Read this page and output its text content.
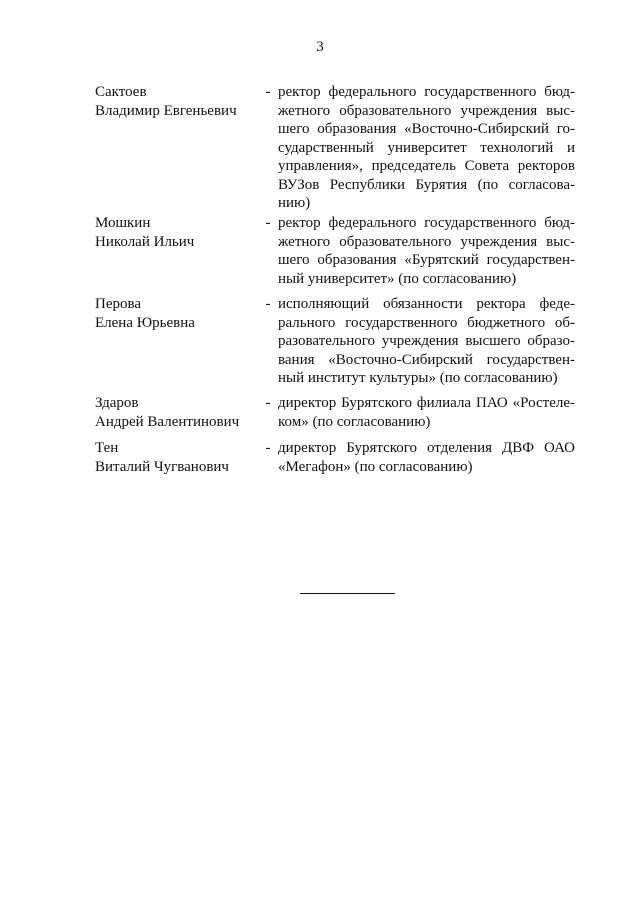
3
Сактоев
Владимир Евгеньевич
- ректор федерального государственного бюд-
жетного образовательного учреждения выс-
шего образования «Восточно-Сибирский го-
сударственный университет технологий и
управления», председатель Совета ректоров
ВУЗов Республики Бурятия (по согласова-
нию)
Мошкин
Николай Ильич
- ректор федерального государственного бюд-
жетного образовательного учреждения выс-
шего образования «Бурятский государствен-
ный университет» (по согласованию)
Перова
Елена Юрьевна
- исполняющий обязанности ректора феде-
рального государственного бюджетного об-
разовательного учреждения высшего образо-
вания «Восточно-Сибирский государствен-
ный институт культуры» (по согласованию)
Здаров
Андрей Валентинович
- директор Бурятского филиала ПАО «Ростеле-
ком» (по согласованию)
Тен
Виталий Чугванович
- директор Бурятского отделения ДВФ ОАО
«Мегафон» (по согласованию)
